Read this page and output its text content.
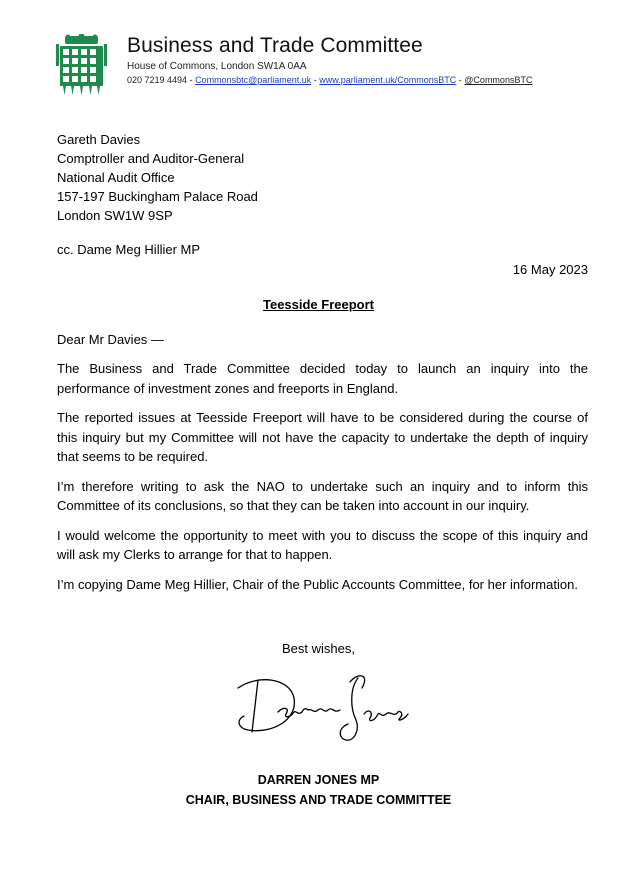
Business and Trade Committee
House of Commons, London SW1A 0AA
020 7219 4494 - Commonsbtc@parliament.uk - www.parliament.uk/CommonsBTC - @CommonsBTC
Gareth Davies
Comptroller and Auditor-General
National Audit Office
157-197 Buckingham Palace Road
London SW1W 9SP
cc. Dame Meg Hillier MP
16 May 2023
Teesside Freeport
Dear Mr Davies —

The Business and Trade Committee decided today to launch an inquiry into the performance of investment zones and freeports in England.

The reported issues at Teesside Freeport will have to be considered during the course of this inquiry but my Committee will not have the capacity to undertake the depth of inquiry that seems to be required.

I’m therefore writing to ask the NAO to undertake such an inquiry and to inform this Committee of its conclusions, so that they can be taken into account in our inquiry.

I would welcome the opportunity to meet with you to discuss the scope of this inquiry and will ask my Clerks to arrange for that to happen.

I’m copying Dame Meg Hillier, Chair of the Public Accounts Committee, for her information.

Best wishes,
DARREN JONES MP
CHAIR, BUSINESS AND TRADE COMMITTEE
